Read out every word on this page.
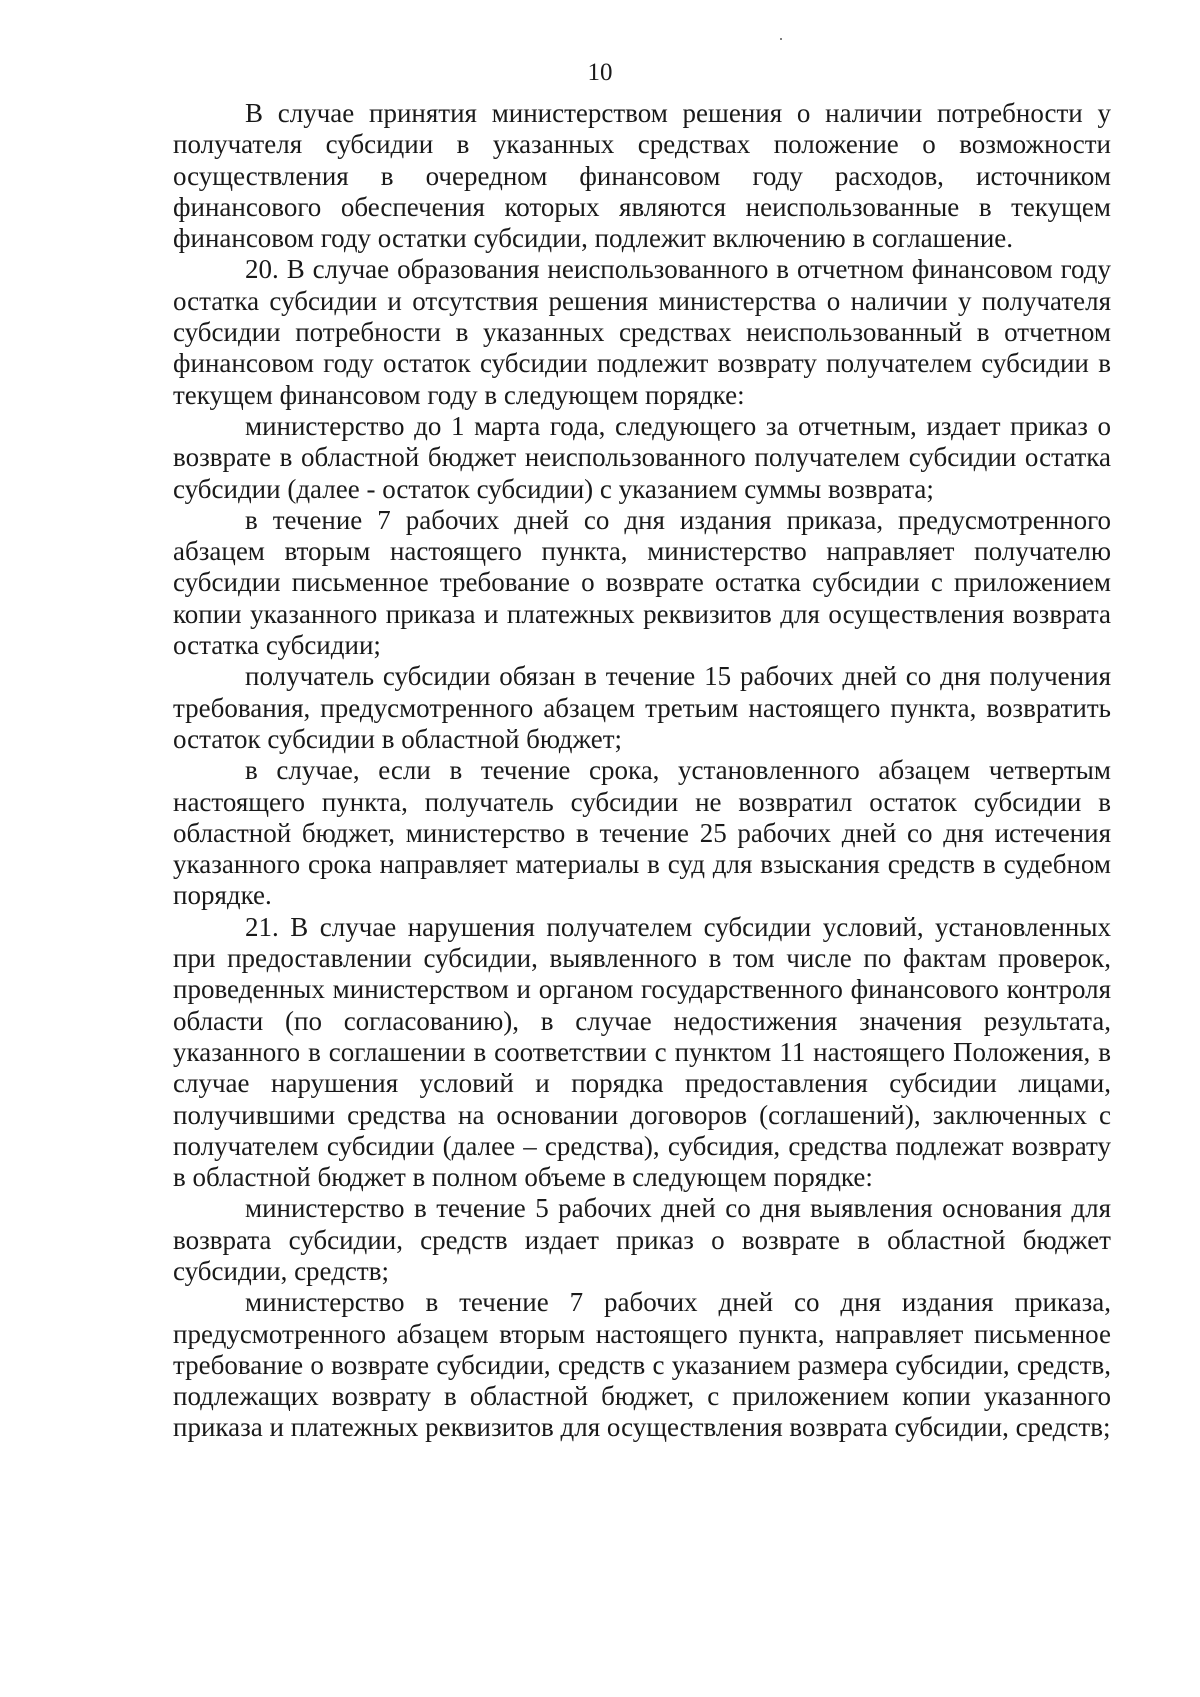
10

В случае принятия министерством решения о наличии потребности у получателя субсидии в указанных средствах положение о возможности осуществления в очередном финансовом году расходов, источником финансового обеспечения которых являются неиспользованные в текущем финансовом году остатки субсидии, подлежит включению в соглашение.

20. В случае образования неиспользованного в отчетном финансовом году остатка субсидии и отсутствия решения министерства о наличии у получателя субсидии потребности в указанных средствах неиспользованный в отчетном финансовом году остаток субсидии подлежит возврату получателем субсидии в текущем финансовом году в следующем порядке:

министерство до 1 марта года, следующего за отчетным, издает приказ о возврате в областной бюджет неиспользованного получателем субсидии остатка субсидии (далее - остаток субсидии) с указанием суммы возврата;

в течение 7 рабочих дней со дня издания приказа, предусмотренного абзацем вторым настоящего пункта, министерство направляет получателю субсидии письменное требование о возврате остатка субсидии с приложением копии указанного приказа и платежных реквизитов для осуществления возврата остатка субсидии;

получатель субсидии обязан в течение 15 рабочих дней со дня получения требования, предусмотренного абзацем третьим настоящего пункта, возвратить остаток субсидии в областной бюджет;

в случае, если в течение срока, установленного абзацем четвертым настоящего пункта, получатель субсидии не возвратил остаток субсидии в областной бюджет, министерство в течение 25 рабочих дней со дня истечения указанного срока направляет материалы в суд для взыскания средств в судебном порядке.

21. В случае нарушения получателем субсидии условий, установленных при предоставлении субсидии, выявленного в том числе по фактам проверок, проведенных министерством и органом государственного финансового контроля области (по согласованию), в случае недостижения значения результата, указанного в соглашении в соответствии с пунктом 11 настоящего Положения, в случае нарушения условий и порядка предоставления субсидии лицами, получившими средства на основании договоров (соглашений), заключенных с получателем субсидии (далее – средства), субсидия, средства подлежат возврату в областной бюджет в полном объеме в следующем порядке:

министерство в течение 5 рабочих дней со дня выявления основания для возврата субсидии, средств издает приказ о возврате в областной бюджет субсидии, средств;

министерство в течение 7 рабочих дней со дня издания приказа, предусмотренного абзацем вторым настоящего пункта, направляет письменное требование о возврате субсидии, средств с указанием размера субсидии, средств, подлежащих возврату в областной бюджет, с приложением копии указанного приказа и платежных реквизитов для осуществления возврата субсидии, средств;
